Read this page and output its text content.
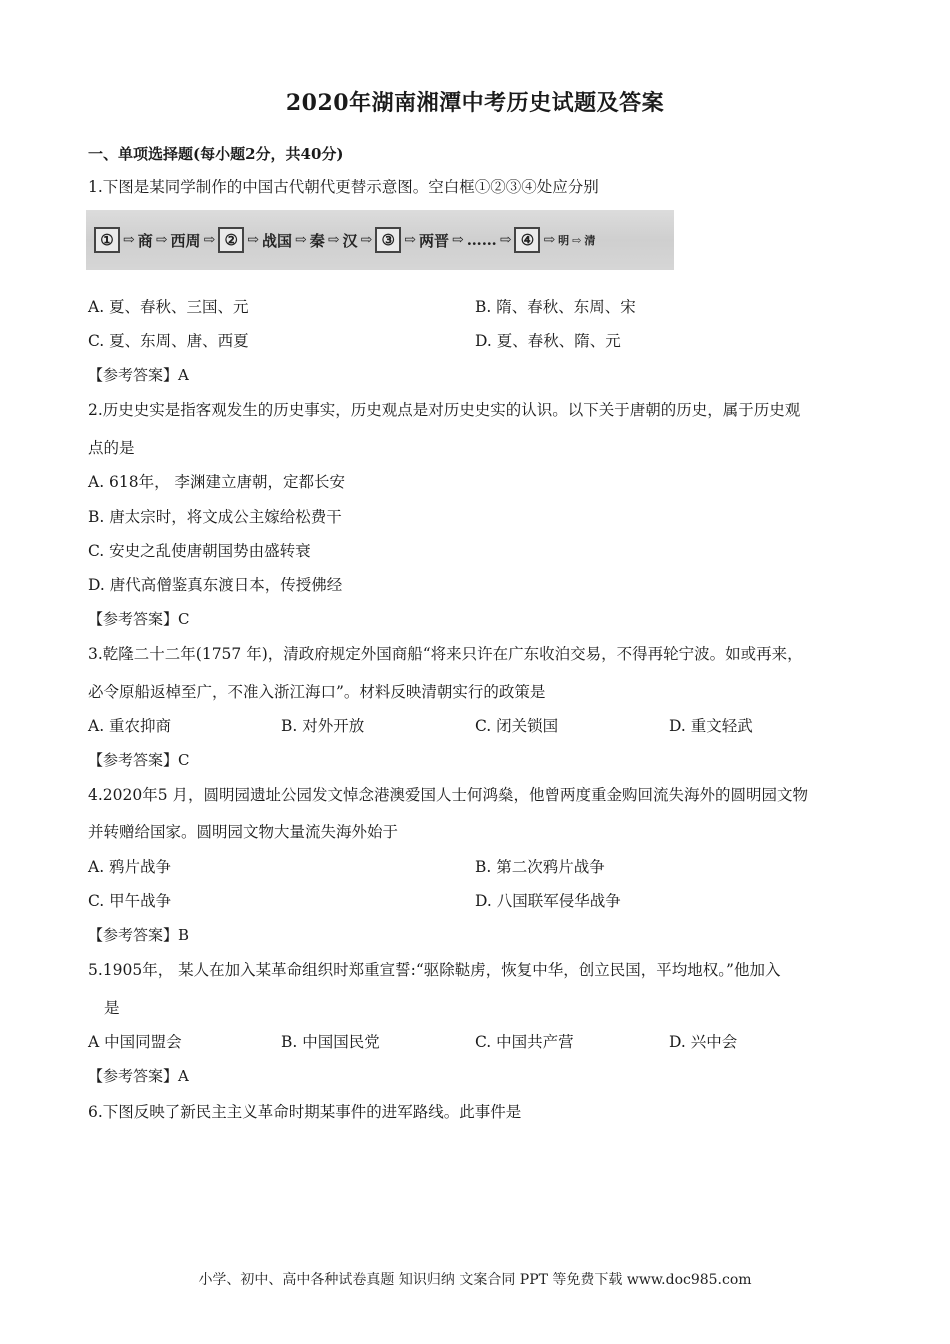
2020年湖南湘潭中考历史试题及答案
一、单项选择题(每小题2分，共40分)
1.下图是某同学制作的中国古代朝代更替示意图。空白框①②③④处应分别
① ⇨ 商 ⇨ 西周 ⇨ ② ⇨ 战国 ⇨ 秦 ⇨ 汉 ⇨ ③ ⇨ 两晋 ⇨ …… ⇨ ④ ⇨ 明 ⇨ 清
A. 夏、春秋、三国、元	B. 隋、春秋、东周、宋
C. 夏、东周、唐、西夏	D. 夏、春秋、隋、元
【参考答案】A
2.历史史实是指客观发生的历史事实，历史观点是对历史史实的认识。以下关于唐朝的历史，属于历史观
点的是
A. 618年， 李渊建立唐朝，定都长安
B. 唐太宗时，将文成公主嫁给松费干
C. 安史之乱使唐朝国势由盛转衰
D. 唐代高僧鉴真东渡日本，传授佛经
【参考答案】C
3.乾隆二十二年(1757 年)，清政府规定外国商船“将来只许在广东收泊交易，不得再轮宁波。如或再来，
必令原船返棹至广，不准入浙江海口”。材料反映清朝实行的政策是
A. 重农抑商	B. 对外开放	C. 闭关锁国	D. 重文轻武
【参考答案】C
4.2020年5 月，圆明园遗址公园发文悼念港澳爱国人士何鸿燊，他曾两度重金购回流失海外的圆明园文物
并转赠给国家。圆明园文物大量流失海外始于
A. 鸦片战争	B. 第二次鸦片战争
C. 甲午战争	D. 八国联军侵华战争
【参考答案】B
5.1905年， 某人在加入某革命组织时郑重宣誓:“驱除鞑虏，恢复中华，创立民国，平均地权。”他加入
是
A 中国同盟会	B. 中国国民党	C. 中国共产营	D. 兴中会
【参考答案】A
6.下图反映了新民主主义革命时期某事件的进军路线。此事件是
小学、初中、高中各种试卷真题 知识归纳 文案合同 PPT 等免费下载 www.doc985.com
